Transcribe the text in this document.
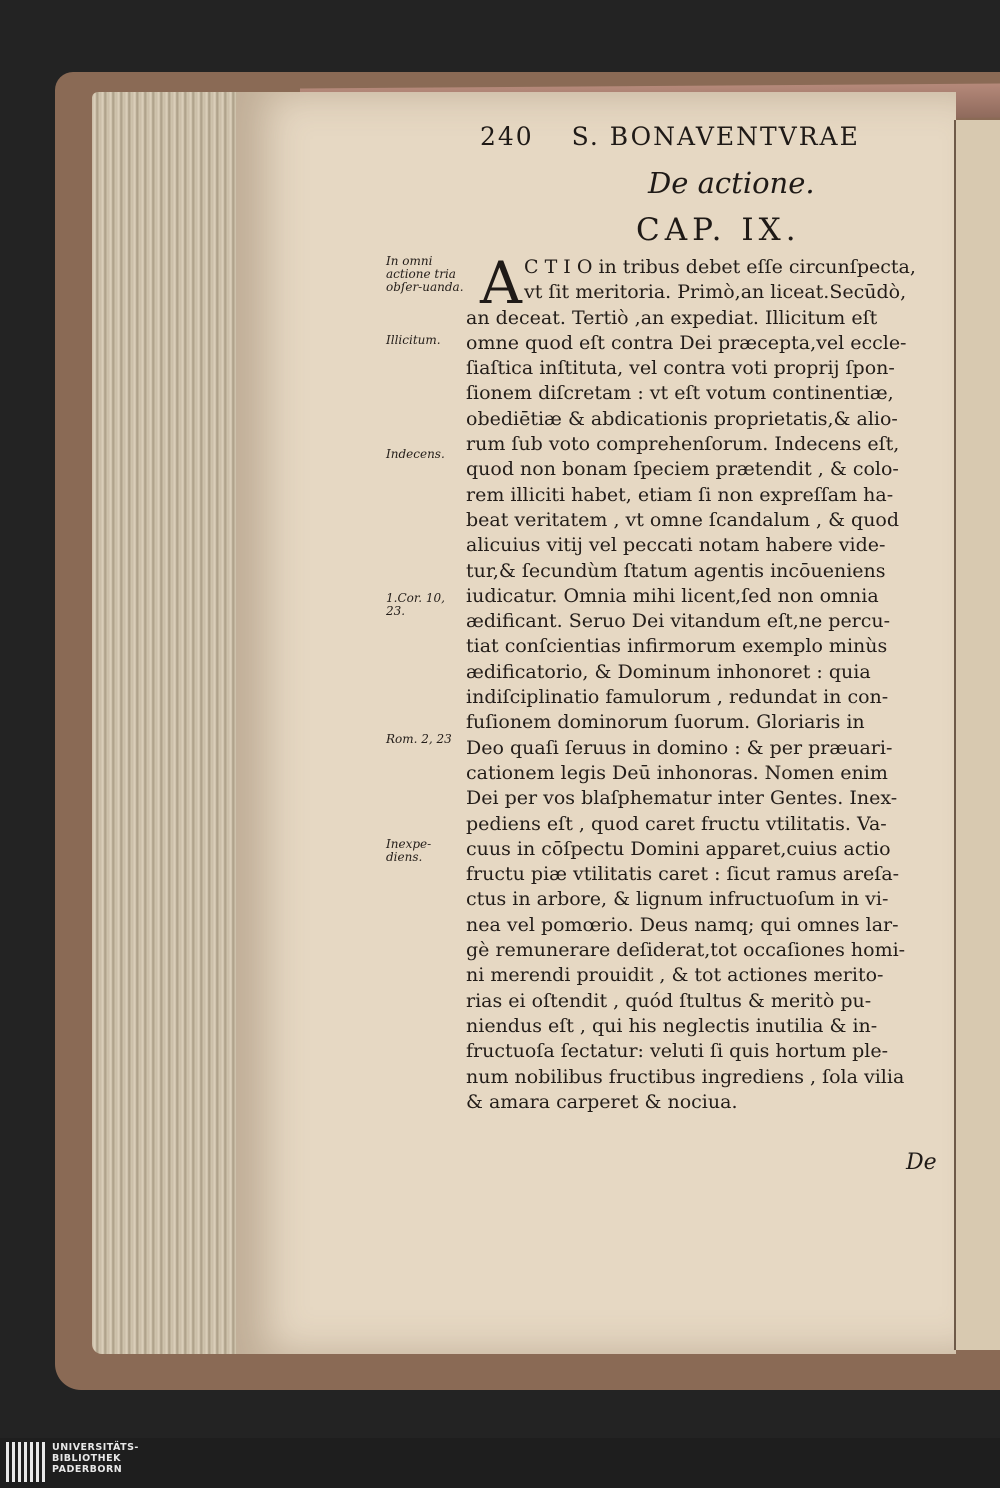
240 S. BONAVENTVRAE
De actione.
CAP. IX.
A C T I O in tribus debet eſſe circunſpecta,
vt ſit meritoria. Primò,an liceat.Secūdò,
an deceat. Tertiò ,an expediat. Illicitum eſt
omne quod eſt contra Dei præcepta,vel eccle-
ſiaſtica inſtituta, vel contra voti proprij ſpon-
ſionem diſcretam : vt eſt votum continentiæ,
obediētiæ & abdicationis proprietatis,& alio-
rum ſub voto comprehenſorum. Indecens eſt,
quod non bonam ſpeciem prætendit , & colo-
rem illiciti habet, etiam ſi non expreſſam ha-
beat veritatem , vt omne ſcandalum , & quod
alicuius vitij vel peccati notam habere vide-
tur,& ſecundùm ſtatum agentis incōueniens
iudicatur. Omnia mihi licent,ſed non omnia
ædificant. Seruo Dei vitandum eſt,ne percu-
tiat conſcientias infirmorum exemplo minùs
ædificatorio, & Dominum inhonoret : quia
indiſciplinatio famulorum , redundat in con-
fuſionem dominorum ſuorum. Gloriaris in
Deo quaſi ſeruus in domino : & per præuari-
cationem legis Deū inhonoras. Nomen enim
Dei per vos blaſphematur inter Gentes. Inex-
pediens eſt , quod caret fructu vtilitatis. Va-
cuus in cōſpectu Domini apparet,cuius actio
fructu piæ vtilitatis caret : ſicut ramus areſa-
ctus in arbore, & lignum infructuoſum in vi-
nea vel pomœrio. Deus namq; qui omnes lar-
gè remunerare deſiderat,tot occaſiones homi-
ni merendi prouidit , & tot actiones merito-
rias ei oſtendit , quód ſtultus & meritò pu-
niendus eſt , qui his neglectis inutilia & in-
fructuoſa ſectatur: veluti ſi quis hortum ple-
num nobilibus fructibus ingrediens , ſola vilia
& amara carperet & nociua.
In omni actione tria obſer-uanda.
Illicitum.
Indecens.
1.Cor. 10, 23.
Rom. 2, 23
Inexpe-diens.
De
UNIVERSITÄTS-
BIBLIOTHEK
PADERBORN
